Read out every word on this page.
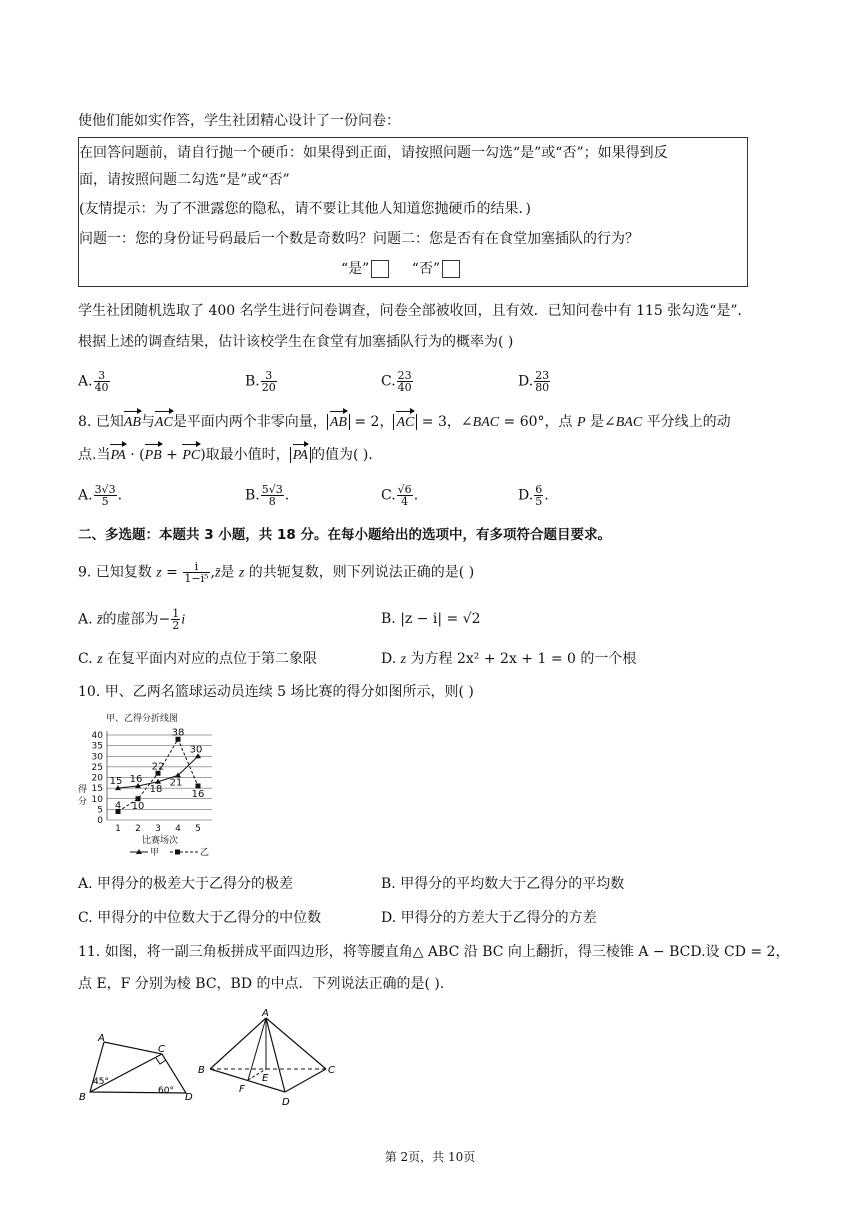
使他们能如实作答，学生社团精心设计了一份问卷：
在回答问题前，请自行抛一个硬币：如果得到正面，请按照问题一勾选“是”或“否”；如果得到反
面，请按照问题二勾选“是”或“否”
(友情提示：为了不泄露您的隐私，请不要让其他人知道您抛硬币的结果．)
问题一：您的身份证号码最后一个数是奇数吗？问题二：您是否有在食堂加塞插队的行为？
“是”	“否”
学生社团随机选取了 400 名学生进行问卷调查，问卷全部被收回，且有效．已知问卷中有 115 张勾选“是”．
根据上述的调查结果，估计该校学生在食堂有加塞插队行为的概率为( )
A. $\frac{3}{40}$	B. $\frac{3}{20}$	C. $\frac{23}{40}$	D. $\frac{23}{80}$
8. 已知AB与AC是平面内两个非零向量， AB = 2， AC = 3，∠BAC = 60°，点 P 是∠BAC 平分线上的动
点.当PA · (PB + PC)取最小值时， PA 的值为( ).
A. $\frac{3√3}{5}$ .	B. $\frac{5√3}{8}$ .	C. $\frac{√6}{4}$ .	D. $\frac{6}{5}$ .
二、多选题：本题共 3 小题，共 18 分。在每小题给出的选项中，有多项符合题目要求。
9. 已知复数 $z = \frac{i}{\text{1−i⁵}}$ ,z̄是 z 的共轭复数，则下列说法正确的是( )
A. z̄的虚部为− $\frac{1}{2}$ i	B. |z − i| = √2
C. z 在复平面内对应的点位于第二象限	D. z 为方程 2x² + 2x + 1 = 0 的一个根
10. 甲、乙两名篮球运动员连续 5 场比赛的得分如图所示，则( )
甲、乙得分折线图
0
5
10
15
20
25
30
35
40
1 2 3 4 5
15 16
18
21
30
4 10
22
38
16
得分
比赛场次
甲	乙
A. 甲得分的极差大于乙得分的极差	B. 甲得分的平均数大于乙得分的平均数
C. 甲得分的中位数大于乙得分的中位数	D. 甲得分的方差大于乙得分的方差
11. 如图，将一副三角板拼成平面四边形，将等腰直角△ ABC 沿 BC 向上翻折，得三棱锥 A − BCD.设 CD = 2，
点 E，F 分别为棱 BC，BD 的中点．下列说法正确的是( ).
A
C
B	D
45°
60°
A
B	C
D
E
F
第 2页，共 10页
